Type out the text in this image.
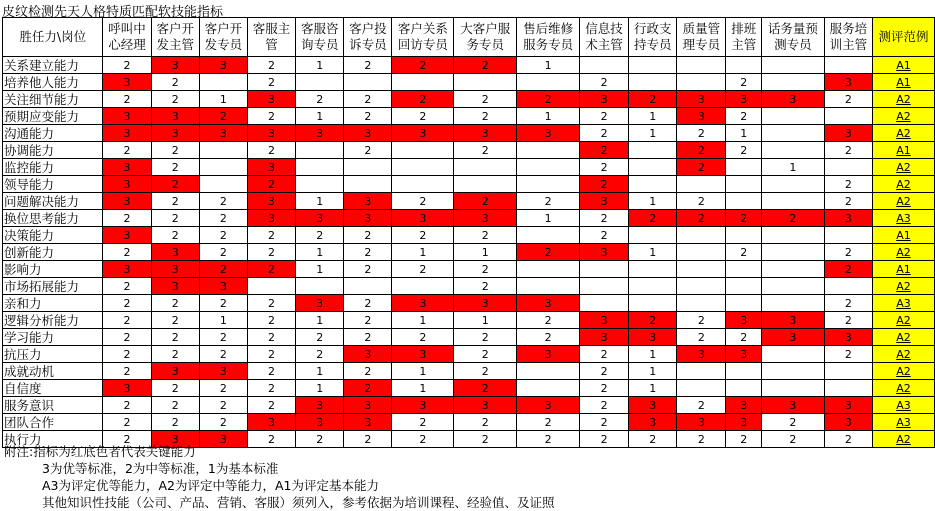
皮纹检测先天人格特质匹配软技能指标
胜任力\岗位	呼叫中心经理	客户开发主管	客户开发专员	客服主管	客服咨询专员	客户投诉专员	客户关系回访专员	大客户服务专员	售后维修服务专员	信息技术主管	行政支持专员	质量管理专员	排班主管	话务量预测专员	服务培训主管	测评范例
关系建立能力	2	3	3	2	1	2	2	2	1							A1
培养他人能力	3	2		2						2			2		3	A1
关注细节能力	2	2	1	3	2	2	2	2	2	3	2	3	3	3	2	A2
预期应变能力	3	3	2	2	1	2	2	2	1	2	1	3	2			A2
沟通能力	3	3	3	3	3	3	3	3	3	2	1	2	1		3	A2
协调能力	2	2		2		2		2		2		2	2		2	A1
监控能力	3	2		3						2		2		1		A2
领导能力	3	2		2						2					2	A2
问题解决能力	3	2	2	3	1	3	2	2	2	3	1	2			2	A2
换位思考能力	2	2	2	3	3	3	3	3	1	2	2	2	2	2	3	A3
决策能力	3	2	2	2	2	2	2	2		2						A1
创新能力	2	3	2	2	1	2	1	1	2	3	1		2		2	A2
影响力	3	3	2	2	1	2	2	2							2	A1
市场拓展能力	2	3	3					2								A2
亲和力	2	2	2	2	3	2	3	3	3						2	A3
逻辑分析能力	2	2	1	2	1	2	1	1	2	3	2	2	3	3	2	A2
学习能力	2	2	2	2	2	2	2	2	2	3	3	2	2	3	3	A2
抗压力	2	2	2	2	2	3	3	2	3	2	1	3	3		2	A2
成就动机	2	3	3	2	1	2	1	2		2	1					A2
自信度	3	2	2	2	1	2	1	2		2	1					A2
服务意识	2	2	2	2	3	3	3	3	3	2	3	2	3	3	3	A3
团队合作	2	2	2	3	3	3	2	2	2	2	3	3	3	2	3	A3
执行力	2	3	3	2	2	2	2	2	2	2	2	2	2	2	2	A2
附注:指标为红底色者代表关键能力
3为优等标准，2为中等标准，1为基本标准
A3为评定优等能力，A2为评定中等能力，A1为评定基本能力
其他知识性技能（公司、产品、营销、客服）须列入，参考依据为培训课程、经验值、及证照
